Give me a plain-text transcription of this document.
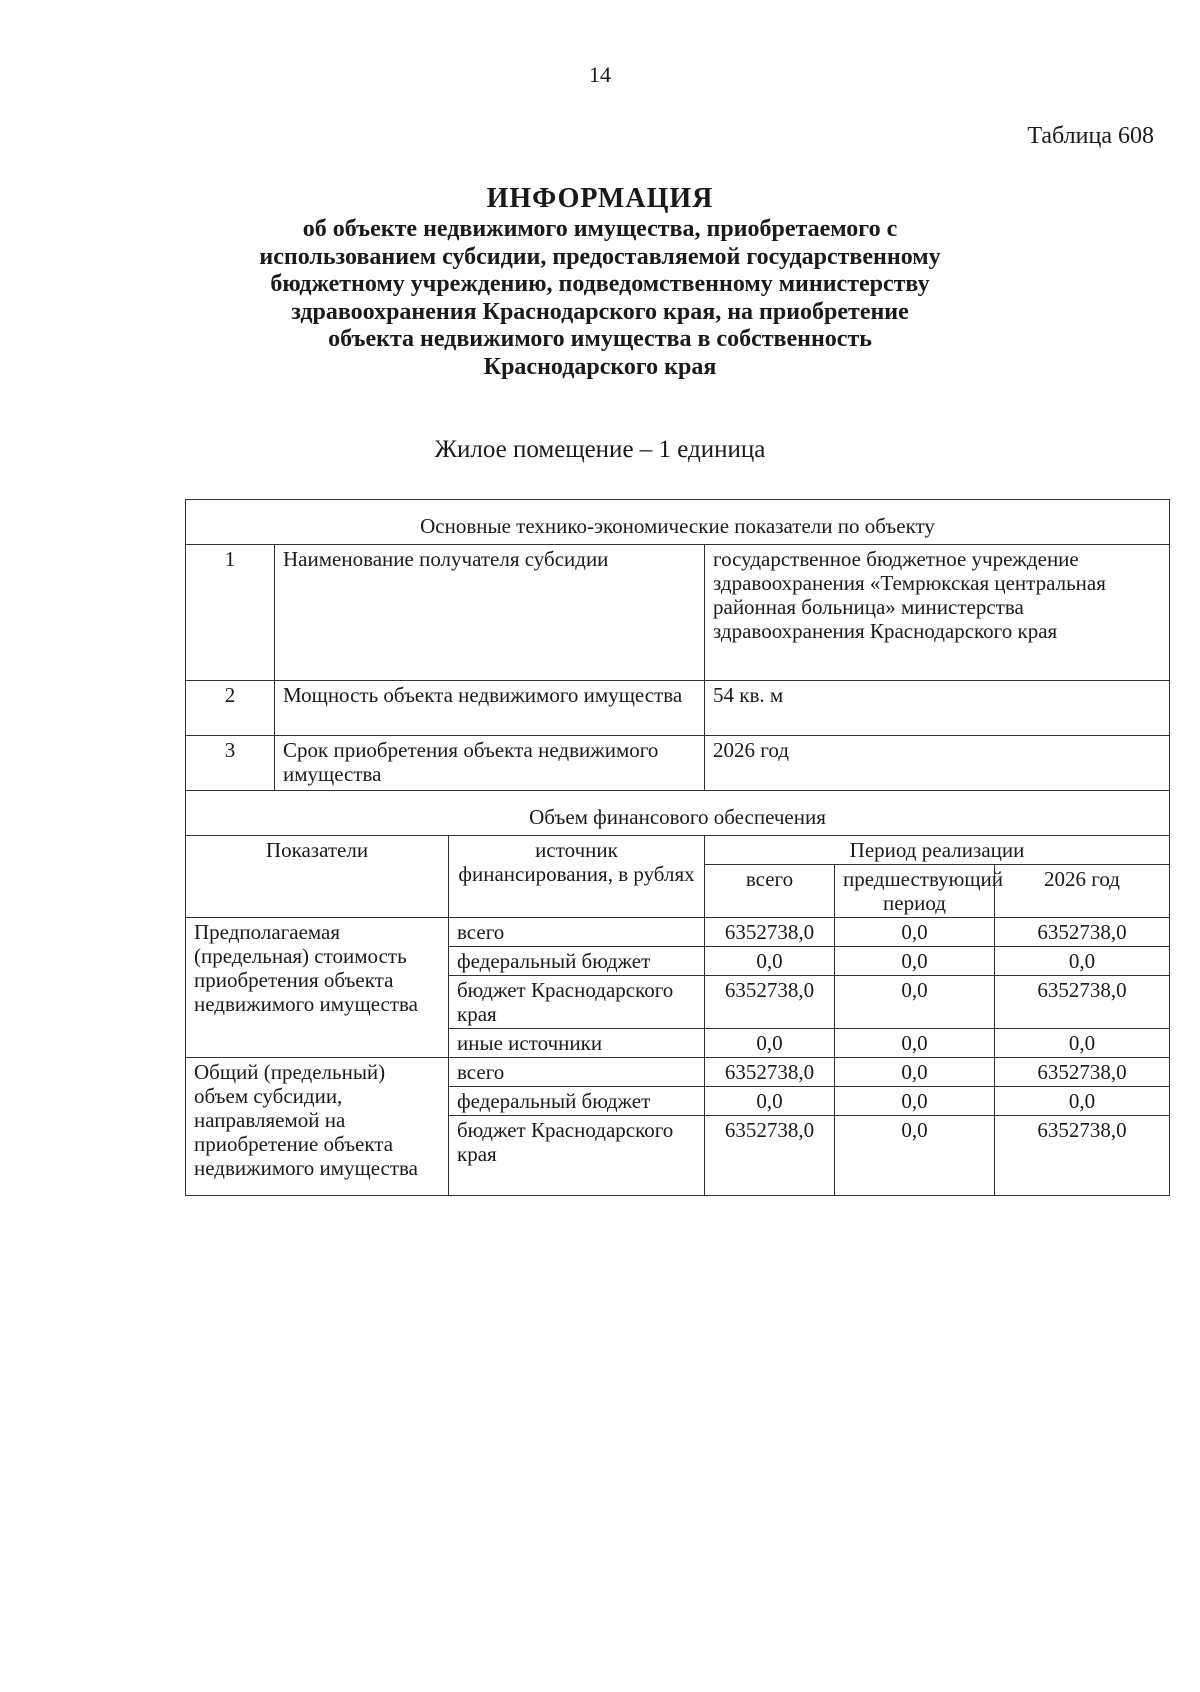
14
Таблица 608
ИНФОРМАЦИЯ
об объекте недвижимого имущества, приобретаемого с
использованием субсидии, предоставляемой государственному
бюджетному учреждению, подведомственному министерству
здравоохранения Краснодарского края, на приобретение
объекта недвижимого имущества в собственность
Краснодарского края
Жилое помещение – 1 единица
Основные технико-экономические показатели по объекту					
1	Наименование получателя субсидии		государственное бюджетное учреждение здравоохранения «Темрюкская центральная районная больница» министерства здравоохранения Краснодарского края		
2	Мощность объекта недвижимого имущества		54 кв. м		
3	Срок приобретения объекта недвижимого имущества		2026 год		
Объем финансового обеспечения					
Показатели		источник финансирования, в рублях	Период реализации		
			всего	предшествующий период	2026 год
Предполагаемая (предельная) стоимость приобретения объекта недвижимого имущества		всего	6352738,0	0,0	6352738,0
		федеральный бюджет	0,0	0,0	0,0
		бюджет Краснодарского края	6352738,0	0,0	6352738,0
		иные источники	0,0	0,0	0,0
Общий (предельный) объем субсидии, направляемой на приобретение объекта недвижимого имущества		всего	6352738,0	0,0	6352738,0
		федеральный бюджет	0,0	0,0	0,0
		бюджет Краснодарского края	6352738,0	0,0	6352738,0
